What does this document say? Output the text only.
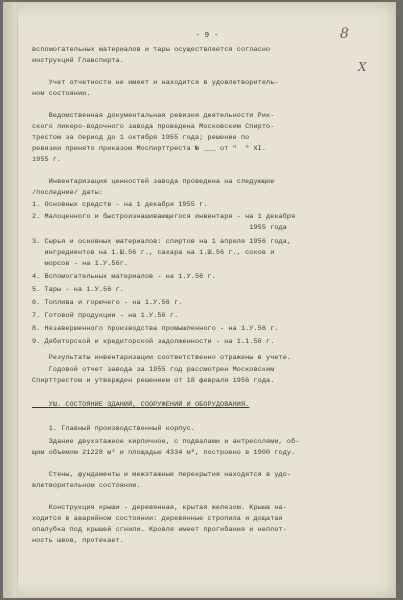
8
Х

- 9 -

вспомогательных материалов и тары осуществляется согласно

инструкций Главспирта.

Учет отчетности не имеет и находится в удовлетворитель-

ном состоянии.

Ведомственная документальная ревизия деятельности Рик-

ского ликеро-водочного завода проведена Московским Спирто-

трестом за период до 1 октября 1955 года; решение по

ревизии принято приказом Моспирттреста № ___ от "  " XI.

1955 г.

Инвентаризация ценностей завода проведена на следующие

/последние/ даты:

1. Основных средств - на 1 декабря 1955 г.

2. Малоценного и быстроизнашивающегося инвентаря - на 1 декабря

1955 года

3. Сырья и основных материалов: спиртов на 1 апреля 1956 года,

ингредиентов на 1.Ш.56 г., сахара на 1.Ш.56 г., соков и

морсов - на 1.У.56г.

4. Вспомогательных материалов - на 1.У.56 г.

5. Тары - на 1.У.56 г.

6. Топлива и горючего - на 1.У.56 г.

7. Готовой продукции - на 1.У.56 г.

8. Незавершенного производства промышленного - на 1.У.56 г.

9. Дебиторской и кредиторской задолженности - на 1.1.56 г.

Результаты инвентаризации соответственно отражены в учете.

Годовой отчет завода за 1955 год рассмотрен Московским

Спирттрестом и утвержден решением от 18 февраля 1956 года.

УШ. СОСТОЯНИЕ ЗДАНИЙ, СООРУЖЕНИЙ И ОБОРУДОВАНИЯ.

1. Главный производственный корпус.

Здание двухэтажное кирпичное, с подвалами и антресолями, об-

щим объемом 21228 м³ и площадью 4334 м², построено в 1900 году.

Стены, фундаменты и межэтажные перекрытия находятся в удо-

влетворительном состоянии.

Конструкция крыши - деревянная, крытая железом. Крыша на-

ходится в аварийном состоянии: деревянные стропила и дощатая

опалубка под крышей сгнили. Кровля имеет прогибания и неплот-

ность швов, протекает.
